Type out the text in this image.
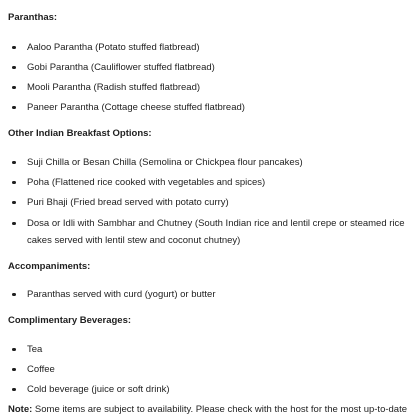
Paranthas:
Aaloo Parantha (Potato stuffed flatbread)
Gobi Parantha (Cauliflower stuffed flatbread)
Mooli Parantha (Radish stuffed flatbread)
Paneer Parantha (Cottage cheese stuffed flatbread)
Other Indian Breakfast Options:
Suji Chilla or Besan Chilla (Semolina or Chickpea flour pancakes)
Poha (Flattened rice cooked with vegetables and spices)
Puri Bhaji (Fried bread served with potato curry)
Dosa or Idli with Sambhar and Chutney (South Indian rice and lentil crepe or steamed rice cakes served with lentil stew and coconut chutney)
Accompaniments:
Paranthas served with curd (yogurt) or butter
Complimentary Beverages:
Tea
Coffee
Cold beverage (juice or soft drink)
Note: Some items are subject to availability. Please check with the host for the most up-to-date
